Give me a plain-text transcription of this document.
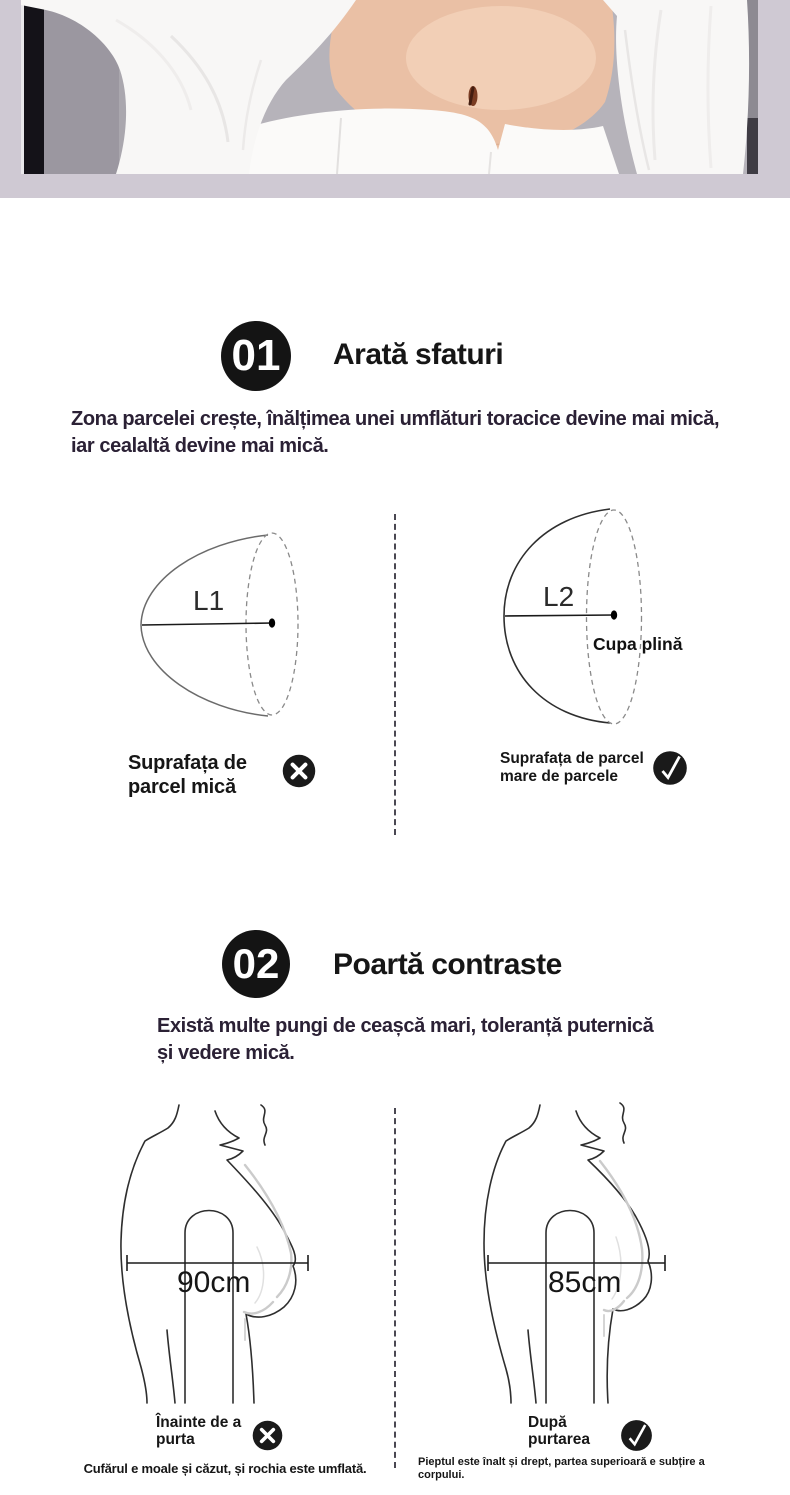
01 Arată sfaturi
Zona parcelei crește, înălțimea unei umflături toracice devine mai mică, iar cealaltă devine mai mică.
L1	L2
Cupa plină
Suprafața de parcel mică
Suprafața de parcel mare de parcele
02 Poartă contraste
Există multe pungi de ceașcă mari, toleranță puternică și vedere mică.
90cm	85cm
Înainte de a purta
După purtarea
Cufărul e moale și căzut, și rochia este umflată.	Pieptul este înalt și drept, partea superioară e subțire a corpului.
